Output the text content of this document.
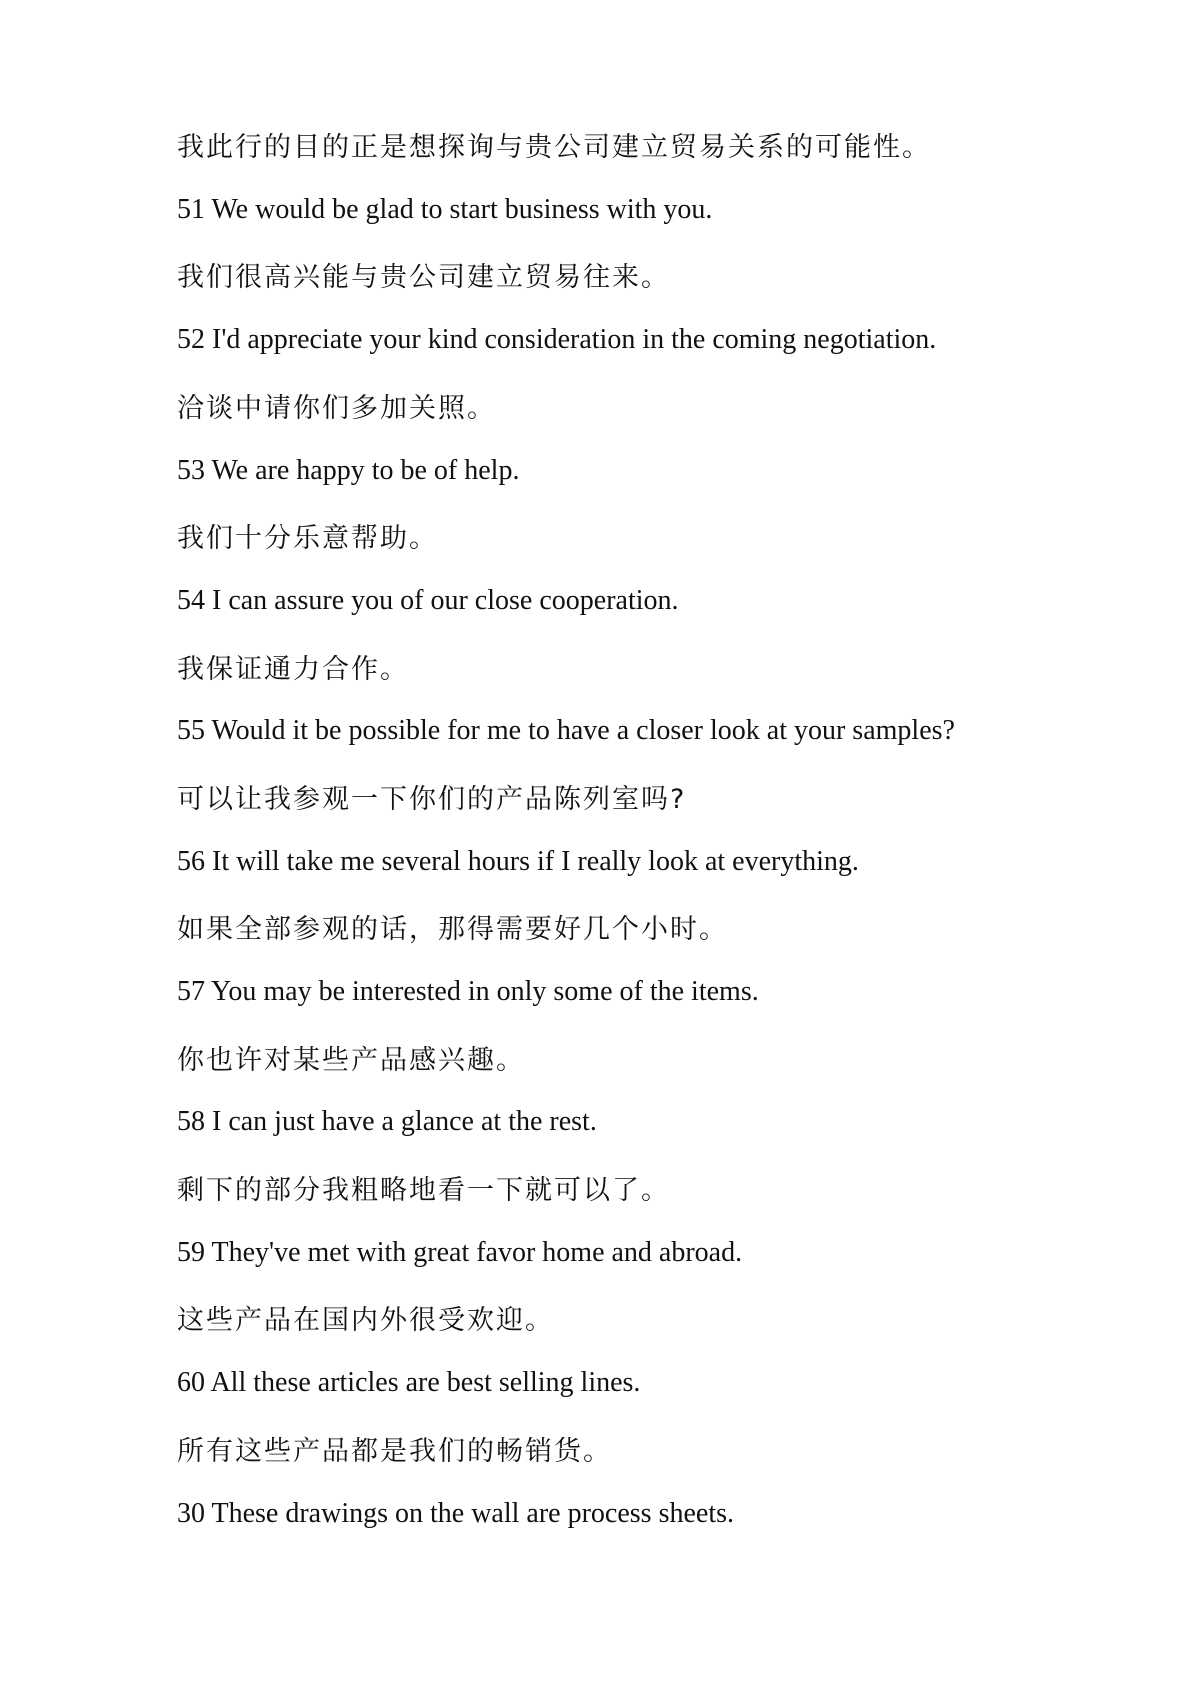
我此行的目的正是想探询与贵公司建立贸易关系的可能性。
51 We would be glad to start business with you.
我们很高兴能与贵公司建立贸易往来。
52 I'd appreciate your kind consideration in the coming negotiation.
洽谈中请你们多加关照。
53 We are happy to be of help.
我们十分乐意帮助。
54 I can assure you of our close cooperation.
我保证通力合作。
55 Would it be possible for me to have a closer look at your samples?
可以让我参观一下你们的产品陈列室吗?
56 It will take me several hours if I really look at everything.
如果全部参观的话，那得需要好几个小时。
57 You may be interested in only some of the items.
你也许对某些产品感兴趣。
58 I can just have a glance at the rest.
剩下的部分我粗略地看一下就可以了。
59 They've met with great favor home and abroad.
这些产品在国内外很受欢迎。
60 All these articles are best selling lines.
所有这些产品都是我们的畅销货。
30 These drawings on the wall are process sheets.
